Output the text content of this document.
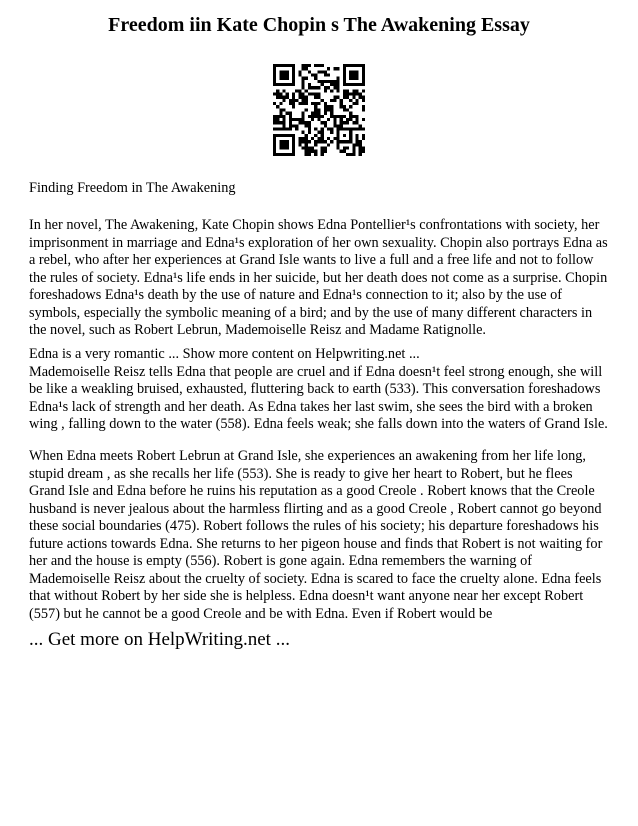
Freedom iin Kate Chopin s The Awakening Essay

Finding Freedom in The Awakening

In her novel, The Awakening, Kate Chopin shows Edna Pontellier¹s confrontations with society, her imprisonment in marriage and Edna¹s exploration of her own sexuality. Chopin also portrays Edna as a rebel, who after her experiences at Grand Isle wants to live a full and a free life and not to follow the rules of society. Edna¹s life ends in her suicide, but her death does not come as a surprise. Chopin foreshadows Edna¹s death by the use of nature and Edna¹s connection to it; also by the use of symbols, especially the symbolic meaning of a bird; and by the use of many different characters in the novel, such as Robert Lebrun, Mademoiselle Reisz and Madame Ratignolle.

Edna is a very romantic ... Show more content on Helpwriting.net ...
Mademoiselle Reisz tells Edna that people are cruel and if Edna doesn¹t feel strong enough, she will be like a weakling bruised, exhausted, fluttering back to earth (533). This conversation foreshadows Edna¹s lack of strength and her death. As Edna takes her last swim, she sees the bird with a broken wing , falling down to the water (558). Edna feels weak; she falls down into the waters of Grand Isle.

When Edna meets Robert Lebrun at Grand Isle, she experiences an awakening from her life long, stupid dream , as she recalls her life (553). She is ready to give her heart to Robert, but he flees Grand Isle and Edna before he ruins his reputation as a good Creole . Robert knows that the Creole husband is never jealous about the harmless flirting and as a good Creole , Robert cannot go beyond these social boundaries (475). Robert follows the rules of his society; his departure foreshadows his future actions towards Edna. She returns to her pigeon house and finds that Robert is not waiting for her and the house is empty (556). Robert is gone again. Edna remembers the warning of Mademoiselle Reisz about the cruelty of society. Edna is scared to face the cruelty alone. Edna feels that without Robert by her side she is helpless. Edna doesn¹t want anyone near her except Robert (557) but he cannot be a good Creole and be with Edna. Even if Robert would be

... Get more on HelpWriting.net ...
